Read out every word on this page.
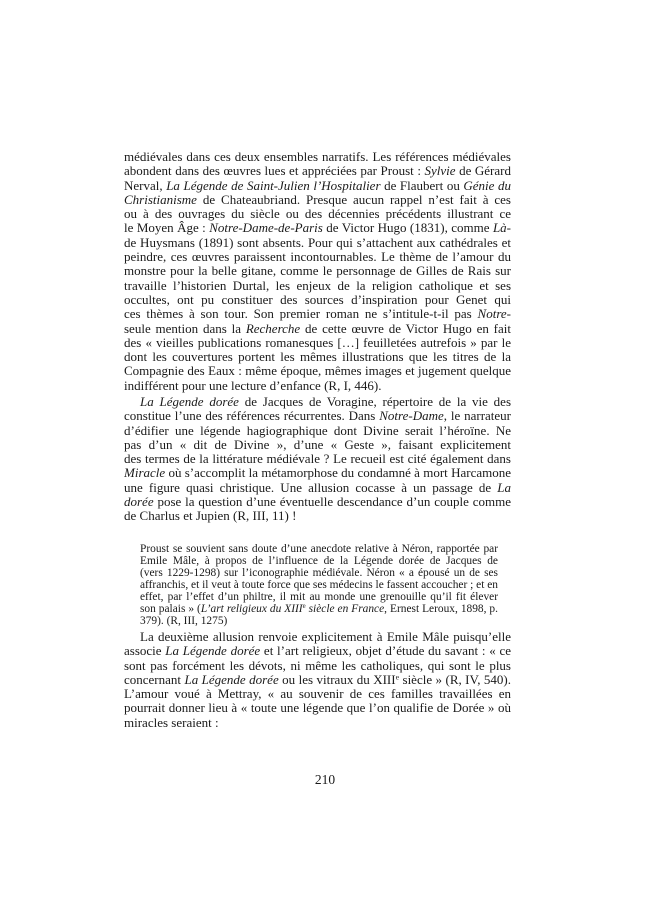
médiévales dans ces deux ensembles narratifs. Les références médiévales
abondent dans des œuvres lues et appréciées par Proust : Sylvie de Gérard
Nerval, La Légende de Saint-Julien l’Hospitalier de Flaubert ou Génie du
Christianisme de Chateaubriand. Presque aucun rappel n’est fait à ces
ou à des ouvrages du siècle ou des décennies précédents illustrant ce
le Moyen Âge : Notre-Dame-de-Paris de Victor Hugo (1831), comme Là-
de Huysmans (1891) sont absents. Pour qui s’attachent aux cathédrales et
peindre, ces œuvres paraissent incontournables. Le thème de l’amour du
monstre pour la belle gitane, comme le personnage de Gilles de Rais sur
travaille l’historien Durtal, les enjeux de la religion catholique et ses
occultes, ont pu constituer des sources d’inspiration pour Genet qui
ces thèmes à son tour. Son premier roman ne s’intitule-t-il pas Notre-
seule mention dans la Recherche de cette œuvre de Victor Hugo en fait
des « vieilles publications romanesques […] feuilletées autrefois » par le
dont les couvertures portent les mêmes illustrations que les titres de la
Compagnie des Eaux : même époque, mêmes images et jugement quelque
indifférent pour une lecture d’enfance (R, I, 446).
La Légende dorée de Jacques de Voragine, répertoire de la vie des
constitue l’une des références récurrentes. Dans Notre-Dame, le narrateur
d’édifier une légende hagiographique dont Divine serait l’héroïne. Ne
pas d’un « dit de Divine », d’une « Geste », faisant explicitement
des termes de la littérature médiévale ? Le recueil est cité également dans
Miracle où s’accomplit la métamorphose du condamné à mort Harcamone
une figure quasi christique. Une allusion cocasse à un passage de La
dorée pose la question d’une éventuelle descendance d’un couple comme
de Charlus et Jupien (R, III, 11) !
Proust se souvient sans doute d’une anecdote relative à Néron, rapportée par
Emile Mâle, à propos de l’influence de la Légende dorée de Jacques de
(vers 1229-1298) sur l’iconographie médiévale. Néron « a épousé un de ses
affranchis, et il veut à toute force que ses médecins le fassent accoucher ; et en
effet, par l’effet d’un philtre, il mit au monde une grenouille qu’il fit élever
son palais » (L’art religieux du XIIIe siècle en France, Ernest Leroux, 1898, p.
379). (R, III, 1275)
La deuxième allusion renvoie explicitement à Emile Mâle puisqu’elle
associe La Légende dorée et l’art religieux, objet d’étude du savant : « ce
sont pas forcément les dévots, ni même les catholiques, qui sont le plus
concernant La Légende dorée ou les vitraux du XIIIe siècle » (R, IV, 540).
L’amour voué à Mettray, « au souvenir de ces familles travaillées en
pourrait donner lieu à « toute une légende que l’on qualifie de Dorée » où
miracles seraient :
210
